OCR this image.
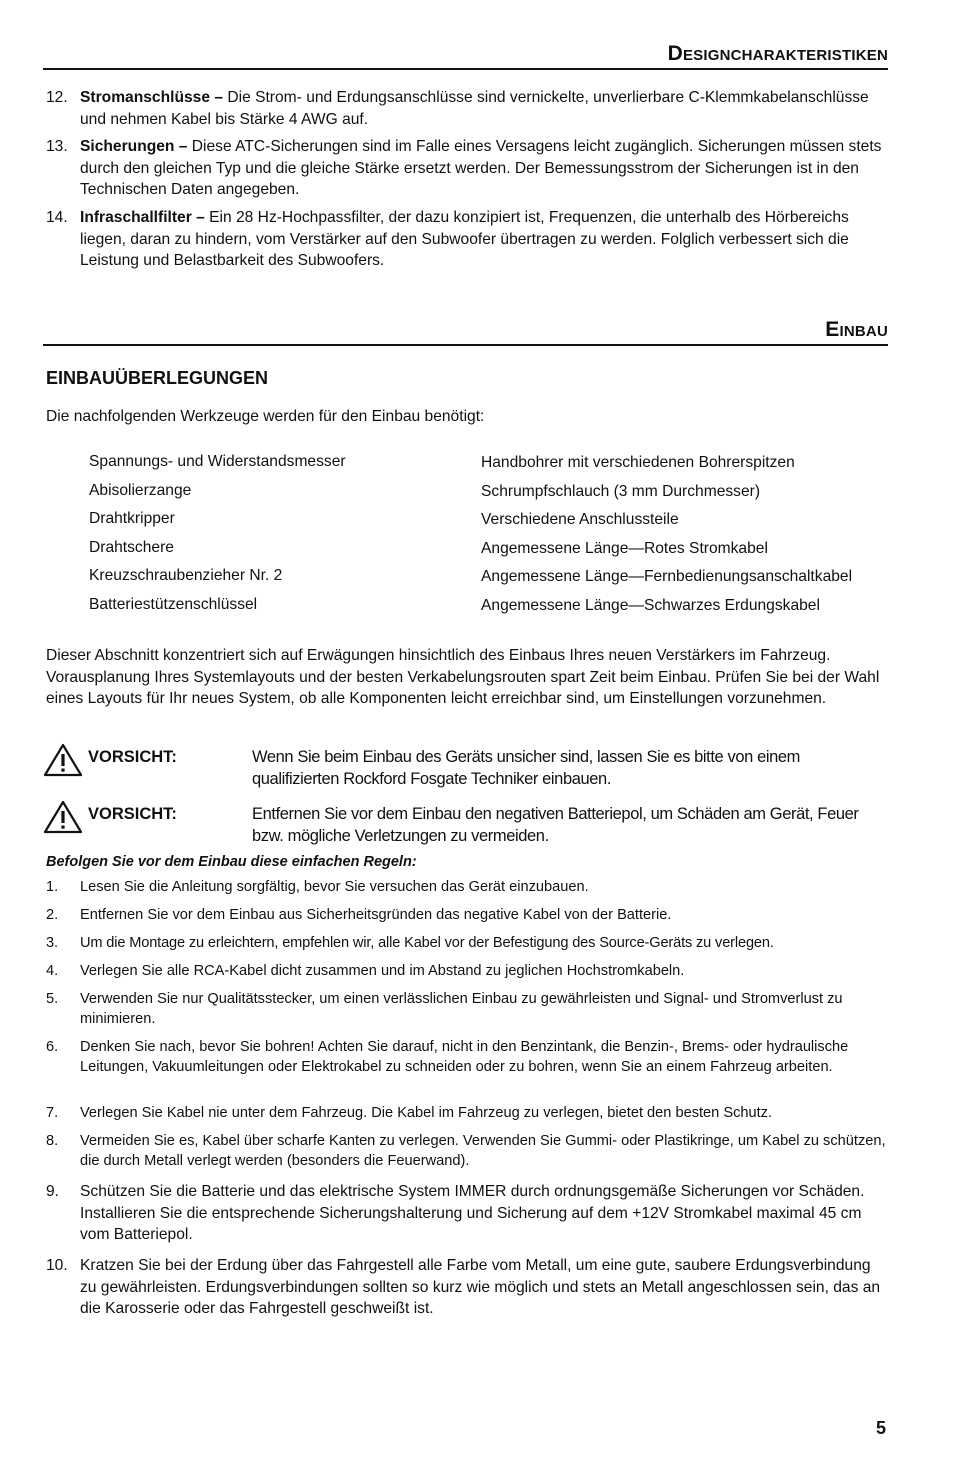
Designcharakteristiken
12. Stromanschlüsse – Die Strom- und Erdungsanschlüsse sind vernickelte, unverlierbare C-Klemmkabelanschlüsse und nehmen Kabel bis Stärke 4 AWG auf.
13. Sicherungen – Diese ATC-Sicherungen sind im Falle eines Versagens leicht zugänglich. Sicherungen müssen stets durch den gleichen Typ und die gleiche Stärke ersetzt werden. Der Bemessungsstrom der Sicherungen ist in den Technischen Daten angegeben.
14. Infraschallfilter – Ein 28 Hz-Hochpassfilter, der dazu konzipiert ist, Frequenzen, die unterhalb des Hörbereichs liegen, daran zu hindern, vom Verstärker auf den Subwoofer übertragen zu werden. Folglich verbessert sich die Leistung und Belastbarkeit des Subwoofers.
Einbau
EINBAUÜBERLEGUNGEN
Die nachfolgenden Werkzeuge werden für den Einbau benötigt:
Spannungs- und Widerstandsmesser
Abisolierzange
Drahtkripper
Drahtschere
Kreuzschraubenzieher Nr. 2
Batteriestützenschlüssel
Handbohrer mit verschiedenen Bohrerspitzen
Schrumpfschlauch (3 mm Durchmesser)
Verschiedene Anschlussteile
Angemessene Länge—Rotes Stromkabel
Angemessene Länge—Fernbedienungsanschaltkabel
Angemessene Länge—Schwarzes Erdungskabel
Dieser Abschnitt konzentriert sich auf Erwägungen hinsichtlich des Einbaus Ihres neuen Verstärkers im Fahrzeug. Vorausplanung Ihres Systemlayouts und der besten Verkabelungsrouten spart Zeit beim Einbau. Prüfen Sie bei der Wahl eines Layouts für Ihr neues System, ob alle Komponenten leicht erreichbar sind, um Einstellungen vorzunehmen.
VORSICHT:	Wenn Sie beim Einbau des Geräts unsicher sind, lassen Sie es bitte von einem qualifizierten Rockford Fosgate Techniker einbauen.
VORSICHT:	Entfernen Sie vor dem Einbau den negativen Batteriepol, um Schäden am Gerät, Feuer bzw. mögliche Verletzungen zu vermeiden.
Befolgen Sie vor dem Einbau diese einfachen Regeln:
1. Lesen Sie die Anleitung sorgfältig, bevor Sie versuchen das Gerät einzubauen.
2. Entfernen Sie vor dem Einbau aus Sicherheitsgründen das negative Kabel von der Batterie.
3. Um die Montage zu erleichtern, empfehlen wir, alle Kabel vor der Befestigung des Source-Geräts zu verlegen.
4. Verlegen Sie alle RCA-Kabel dicht zusammen und im Abstand zu jeglichen Hochstromkabeln.
5. Verwenden Sie nur Qualitätsstecker, um einen verlässlichen Einbau zu gewährleisten und Signal- und Stromverlust zu minimieren.
6. Denken Sie nach, bevor Sie bohren! Achten Sie darauf, nicht in den Benzintank, die Benzin-, Brems- oder hydraulische Leitungen, Vakuumleitungen oder Elektrokabel zu schneiden oder zu bohren, wenn Sie an einem Fahrzeug arbeiten.
7. Verlegen Sie Kabel nie unter dem Fahrzeug. Die Kabel im Fahrzeug zu verlegen, bietet den besten Schutz.
8. Vermeiden Sie es, Kabel über scharfe Kanten zu verlegen. Verwenden Sie Gummi- oder Plastikringe, um Kabel zu schützen, die durch Metall verlegt werden (besonders die Feuerwand).
9. Schützen Sie die Batterie und das elektrische System IMMER durch ordnungsgemäße Sicherungen vor Schäden. Installieren Sie die entsprechende Sicherungshalterung und Sicherung auf dem +12V Stromkabel maximal 45 cm vom Batteriepol.
10. Kratzen Sie bei der Erdung über das Fahrgestell alle Farbe vom Metall, um eine gute, saubere Erdungsverbindung zu gewährleisten. Erdungsverbindungen sollten so kurz wie möglich und stets an Metall angeschlossen sein, das an die Karosserie oder das Fahrgestell geschweißt ist.
5
